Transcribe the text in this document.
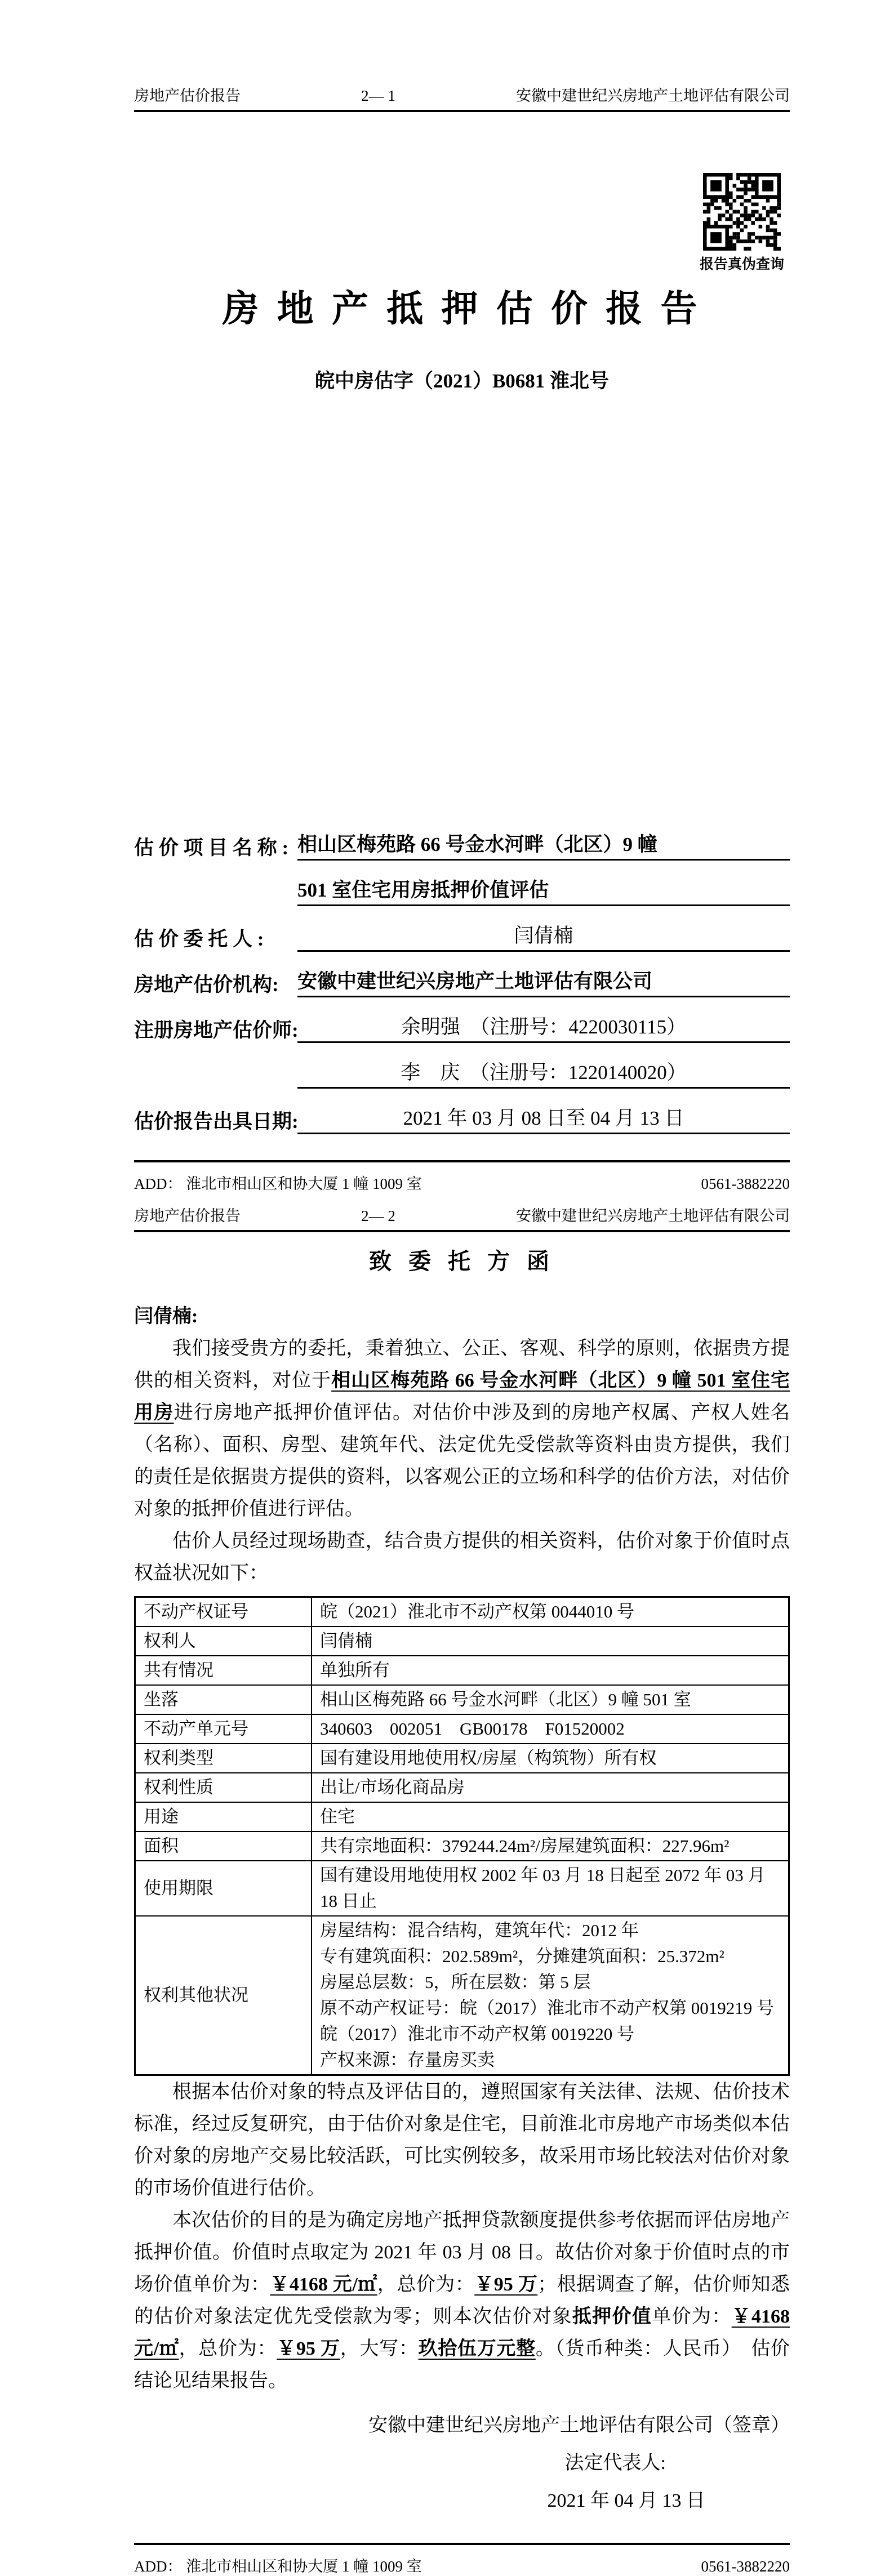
房地产估价报告	2— 1	安徽中建世纪兴房地产土地评估有限公司
报告真伪查询
房 地 产 抵 押 估 价 报 告
皖中房估字（2021）B0681 淮北号
估 价 项 目 名 称 : 相山区梅苑路 66 号金水河畔（北区）9 幢
501 室住宅用房抵押价值评估
估 价 委 托 人 :	闫倩楠
房地产估价机构: 安徽中建世纪兴房地产土地评估有限公司
注册房地产估价师:	余明强　（注册号：4220030115）
李　庆　（注册号：1220140020）
估价报告出具日期:	2021 年 03 月 08 日至 04 月 13 日
ADD： 淮北市相山区和协大厦 1 幢 1009 室	0561-3882220
房地产估价报告	2— 2	安徽中建世纪兴房地产土地评估有限公司
致 委 托 方 函
闫倩楠:

我们接受贵方的委托，秉着独立、公正、客观、科学的原则，依据贵方提供的相关资料，对位于相山区梅苑路 66 号金水河畔（北区）9 幢 501 室住宅用房进行房地产抵押价值评估。对估价中涉及到的房地产权属、产权人姓名（名称）、面积、房型、建筑年代、法定优先受偿款等资料由贵方提供，我们的责任是依据贵方提供的资料，以客观公正的立场和科学的估价方法，对估价对象的抵押价值进行评估。

估价人员经过现场勘查，结合贵方提供的相关资料，估价对象于价值时点权益状况如下：

不动产权证号	皖（2021）淮北市不动产权第 0044010 号
权利人	闫倩楠
共有情况	单独所有
坐落	相山区梅苑路 66 号金水河畔（北区）9 幢 501 室
不动产单元号	340603　002051　GB00178　F01520002
权利类型	国有建设用地使用权/房屋（构筑物）所有权
权利性质	出让/市场化商品房
用途	住宅
面积	共有宗地面积：379244.24m²/房屋建筑面积：227.96m²
使用期限	国有建设用地使用权 2002 年 03 月 18 日起至 2072 年 03 月 18 日止
权利其他状况	
房屋结构：混合结构，建筑年代：2012 年
专有建筑面积：202.589m²，分摊建筑面积：25.372m²
房屋总层数：5，所在层数：第 5 层
原不动产权证号：皖（2017）淮北市不动产权第 0019219 号
皖（2017）淮北市不动产权第 0019220 号
产权来源：存量房买卖

根据本估价对象的特点及评估目的，遵照国家有关法律、法规、估价技术标准，经过反复研究，由于估价对象是住宅，目前淮北市房地产市场类似本估价对象的房地产交易比较活跃，可比实例较多，故采用市场比较法对估价对象的市场价值进行估价。

本次估价的目的是为确定房地产抵押贷款额度提供参考依据而评估房地产抵押价值。价值时点取定为 2021 年 03 月 08 日。故估价对象于价值时点的市场价值单价为：￥4168 元/㎡，总价为：￥95 万；根据调查了解，估价师知悉的估价对象法定优先受偿款为零；则本次估价对象抵押价值单价为：￥4168 元/㎡，总价为：￥95 万，大写：玖拾伍万元整。（货币种类：人民币）　估价结论见结果报告。

安徽中建世纪兴房地产土地评估有限公司（签章）
法定代表人:
2021 年 04 月 13 日
ADD： 淮北市相山区和协大厦 1 幢 1009 室	0561-3882220
